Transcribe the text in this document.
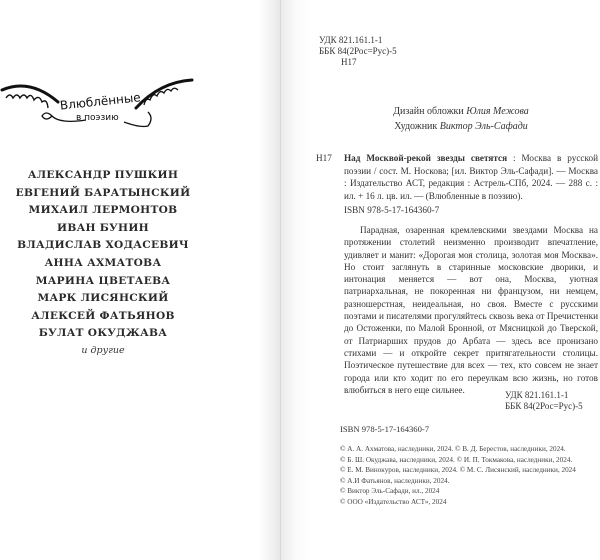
Влюблённые
в поэзию
АЛЕКСАНДР ПУШКИН
ЕВГЕНИЙ БАРАТЫНСКИЙ
МИХАИЛ ЛЕРМОНТОВ
ИВАН БУНИН
ВЛАДИСЛАВ ХОДАСЕВИЧ
АННА АХМАТОВА
МАРИНА ЦВЕТАЕВА
МАРК ЛИСЯНСКИЙ
АЛЕКСЕЙ ФАТЬЯНОВ
БУЛАТ ОКУДЖАВА
и другие
УДК 821.161.1-1
ББК 84(2Рос=Рус)-5
Н17
Дизайн обложки Юлия Межова
Художник Виктор Эль-Сафади
Н17	Над Москвой-рекой звезды светятся : Москва в русской поэзии / сост. М. Носкова; [ил. Виктор Эль-Сафади]. — Москва : Издательство АСТ, редакция : Астрель-СПб, 2024. — 288 с. : ил. + 16 л. цв. ил. — (Влюбленные в поэзию).
ISBN 978-5-17-164360-7

Парадная, озаренная кремлевскими звездами Москва на протяжении столетий неизменно производит впечатление, удивляет и манит: «Дорогая моя столица, золотая моя Москва». Но стоит заглянуть в старинные московские дворики, и интонация меняется — вот она, Москва, уютная патриархальная, не покоренная ни французом, ни немцем, разношерстная, неидеальная, но своя. Вместе с русскими поэтами и писателями прогуляйтесь сквозь века от Пречистенки до Остоженки, по Малой Бронной, от Мясницкой до Тверской, от Патриарших прудов до Арбата — здесь все пронизано стихами — и откройте секрет притягательности столицы. Поэтическое путешествие для всех — тех, кто совсем не знает города или кто ходит по его переулкам всю жизнь, но готов влюбиться в него еще сильнее.

УДК 821.161.1-1
ББК 84(2Рос=Рус)-5
ISBN 978-5-17-164360-7
© А. А. Ахматова, наследники, 2024. © В. Д. Берестов, наследники, 2024.
© Б. Ш. Окуджава, наследники, 2024. © И. П. Токмакова, наследники, 2024.
© Е. М. Винокуров, наследники, 2024. © М. С. Лисянский, наследники, 2024
© А.И Фатьянов, наследники, 2024.
© Виктор Эль-Сафади, ил., 2024
© ООО «Издательство АСТ», 2024
